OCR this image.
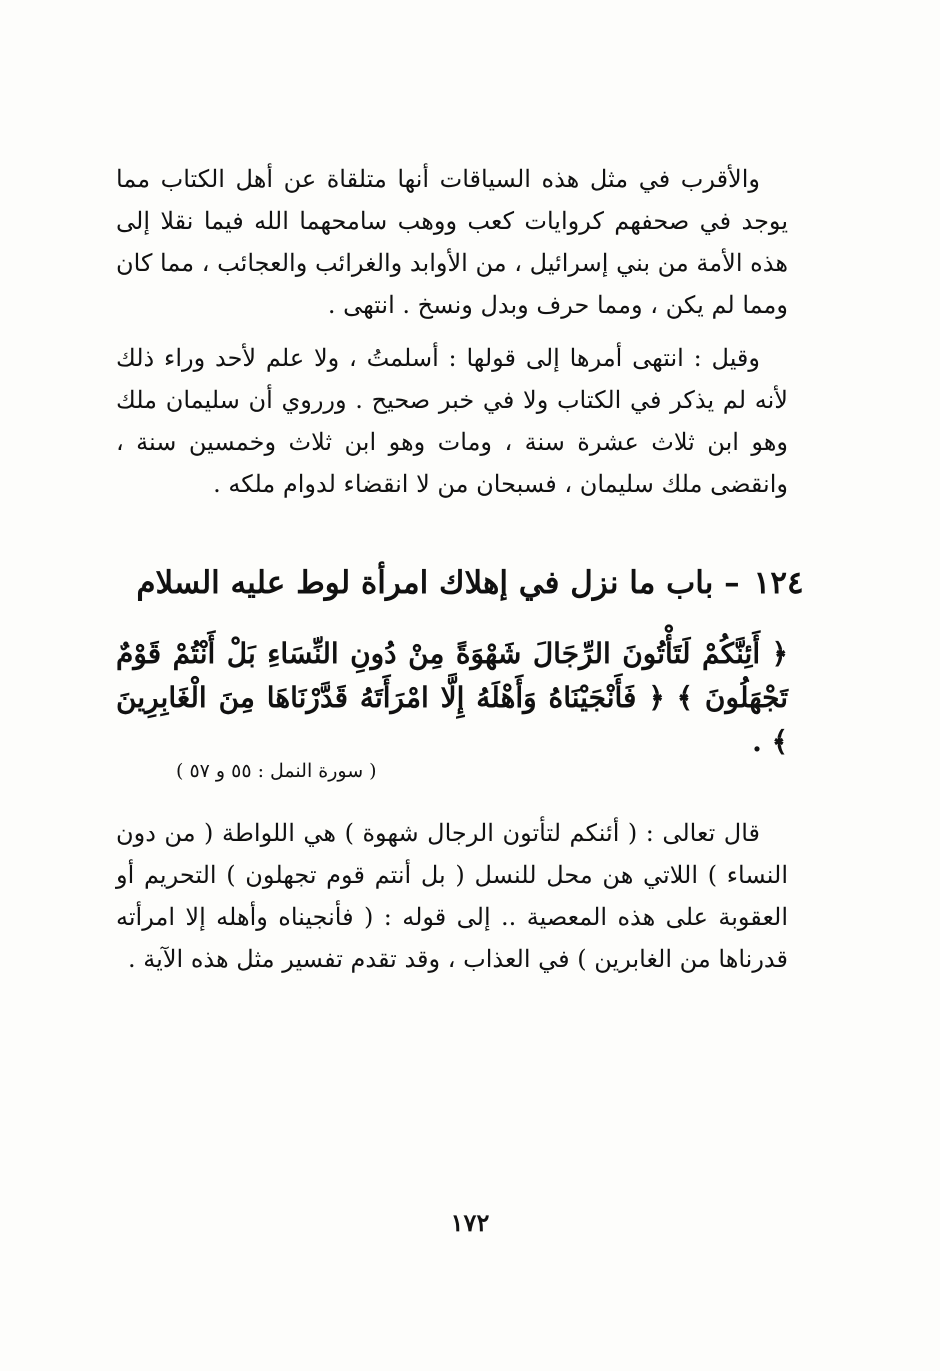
والأقرب في مثل هذه السياقات أنها متلقاة عن أهل الكتاب مما يوجد في صحفهم كروايات كعب ووهب سامحهما الله فيما نقلا إلى هذه الأمة من بني إسرائيل ، من الأوابد والغرائب والعجائب ، مما كان ومما لم يكن ، ومما حرف وبدل ونسخ . انتهى .

وقيل : انتهى أمرها إلى قولها : أسلمتُ ، ولا علم لأحد وراء ذلك لأنه لم يذكر في الكتاب ولا في خبر صحيح . ورروي أن سليمان ملك وهو ابن ثلاث عشرة سنة ، ومات وهو ابن ثلاث وخمسين سنة ، وانقضى ملك سليمان ، فسبحان من لا انقضاء لدوام ملكه .

١٢٤– باب ما نزل في إهلاك امرأة لوط عليه السلام

﴿ أَئِنَّكُمْ لَتَأْتُونَ الرِّجَالَ شَهْوَةً مِنْ دُونِ النِّسَاءِ بَلْ أَنْتُمْ قَوْمٌ تَجْهَلُونَ ﴾ ﴿ فَأَنْجَيْنَاهُ وَأَهْلَهُ إِلَّا امْرَأَتَهُ قَدَّرْنَاهَا مِنَ الْغَابِرِينَ ﴾ .

( سورة النمل : ٥٥ و ٥٧ )

قال تعالى : ( أئنكم لتأتون الرجال شهوة ) هي اللواطة ( من دون النساء ) اللاتي هن محل للنسل ( بل أنتم قوم تجهلون ) التحريم أو العقوبة على هذه المعصية .. إلى قوله : ( فأنجيناه وأهله إلا امرأته قدرناها من الغابرين ) في العذاب ، وقد تقدم تفسير مثل هذه الآية .

١٧٢
